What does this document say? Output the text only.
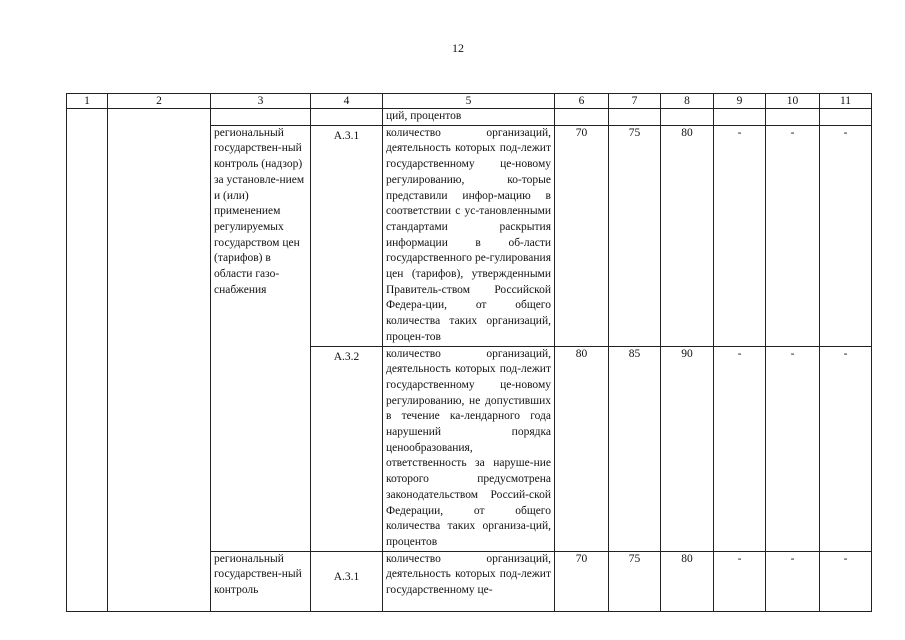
12
1	2	3	4	5	6	7	8	9	10	11
				ций, процентов						
		региональный государствен-ный контроль (надзор) за установле-нием и (или) применением регулируемых государством цен (тарифов) в области газо-снабжения	А.3.1	количество организаций, деятельность которых под-лежит государственному це-новому регулированию, ко-торые представили инфор-мацию в соответствии с ус-тановленными стандартами раскрытия информации в об-ласти государственного ре-гулирования цен (тарифов), утвержденными Правитель-ством Российской Федера-ции, от общего количества таких организаций, процен-тов	70	75	80	-	-	-
			А.3.2	количество организаций, деятельность которых под-лежит государственному це-новому регулированию, не допустивших в течение ка-лендарного года нарушений порядка ценообразования, ответственность за наруше-ние которого предусмотрена законодательством Россий-ской Федерации, от общего количества таких организа-ций, процентов	80	85	90	-	-	-

		региональный государствен-ный контроль	А.3.1	количество организаций, деятельность которых под-лежит государственному це-	70	75	80	-	-	-
